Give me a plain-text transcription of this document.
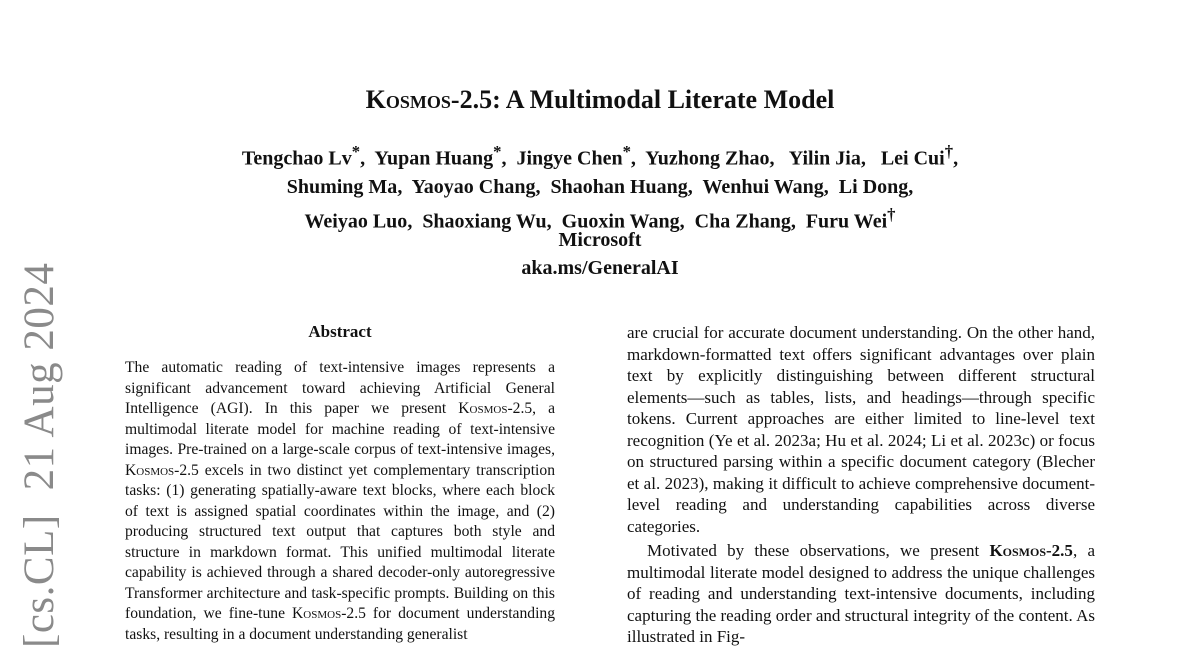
Kosmos-2.5: A Multimodal Literate Model
Tengchao Lv*,  Yupan Huang*,  Jingye Chen*,  Yuzhong Zhao,   Yilin Jia,   Lei Cui†,
Shuming Ma,  Yaoyao Chang,  Shaohan Huang,  Wenhui Wang,  Li Dong,
Weiyao Luo,  Shaoxiang Wu,  Guoxin Wang,  Cha Zhang,  Furu Wei†
Microsoft
aka.ms/GeneralAI
[cs.CL]21 Aug 2024	Abstract

The automatic reading of text-intensive images represents a significant advancement toward achieving Artificial General Intelligence (AGI). In this paper we present Kosmos-2.5, a multimodal literate model for machine reading of text-intensive images. Pre-trained on a large-scale corpus of text-intensive images, Kosmos-2.5 excels in two distinct yet complementary transcription tasks: (1) generating spatially-aware text blocks, where each block of text is assigned spatial coordinates within the image, and (2) producing structured text output that captures both style and structure in markdown format. This unified multimodal literate capability is achieved through a shared decoder-only autoregressive Transformer architecture and task-specific prompts. Building on this foundation, we fine-tune Kosmos-2.5 for document understanding tasks, resulting in a document understanding generalist

are crucial for accurate document understanding. On the other hand, markdown-formatted text offers significant advantages over plain text by explicitly distinguishing between different structural elements—such as tables, lists, and headings—through specific tokens. Current approaches are either limited to line-level text recognition (Ye et al. 2023a; Hu et al. 2024; Li et al. 2023c) or focus on structured parsing within a specific document category (Blecher et al. 2023), making it difficult to achieve comprehensive document-level reading and understanding capabilities across diverse categories.

Motivated by these observations, we present Kosmos-2.5, a multimodal literate model designed to address the unique challenges of reading and understanding text-intensive documents, including capturing the reading order and structural integrity of the content. As illustrated in Fig-
